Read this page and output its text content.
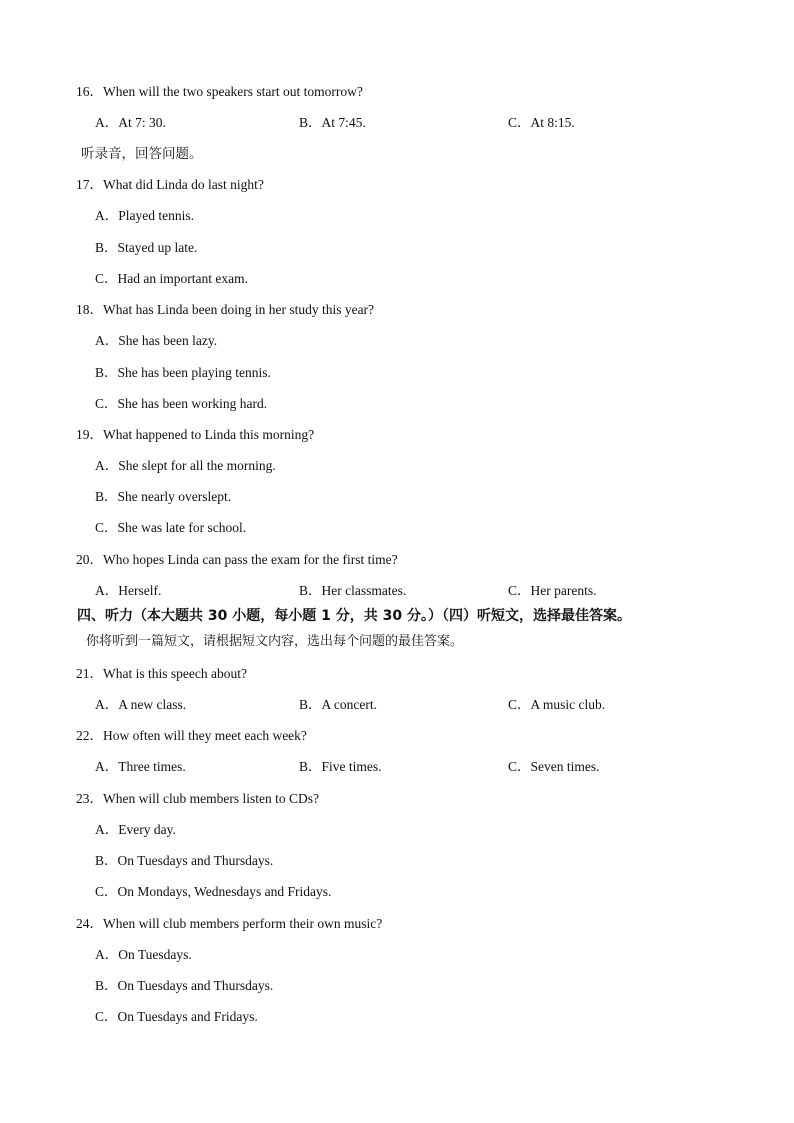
16．When will the two speakers start out tomorrow?
A．At 7: 30.	B．At 7:45.	C．At 8:15.
听录音，回答问题。
17．What did Linda do last night?
A．Played tennis.
B．Stayed up late.
C．Had an important exam.
18．What has Linda been doing in her study this year?
A．She has been lazy.
B．She has been playing tennis.
C．She has been working hard.
19．What happened to Linda this morning?
A．She slept for all the morning.
B．She nearly overslept.
C．She was late for school.
20．Who hopes Linda can pass the exam for the first time?
A．Herself.	B．Her classmates.	C．Her parents.
四、听力（本大题共 30 小题，每小题 1 分，共 30 分。）（四）听短文，选择最佳答案。
你将听到一篇短文，请根据短文内容，选出每个问题的最佳答案。
21．What is this speech about?
A．A new class.	B．A concert.	C．A music club.
22．How often will they meet each week?
A．Three times.	B．Five times.	C．Seven times.
23．When will club members listen to CDs?
A．Every day.
B．On Tuesdays and Thursdays.
C．On Mondays, Wednesdays and Fridays.
24．When will club members perform their own music?
A．On Tuesdays.
B．On Tuesdays and Thursdays.
C．On Tuesdays and Fridays.
